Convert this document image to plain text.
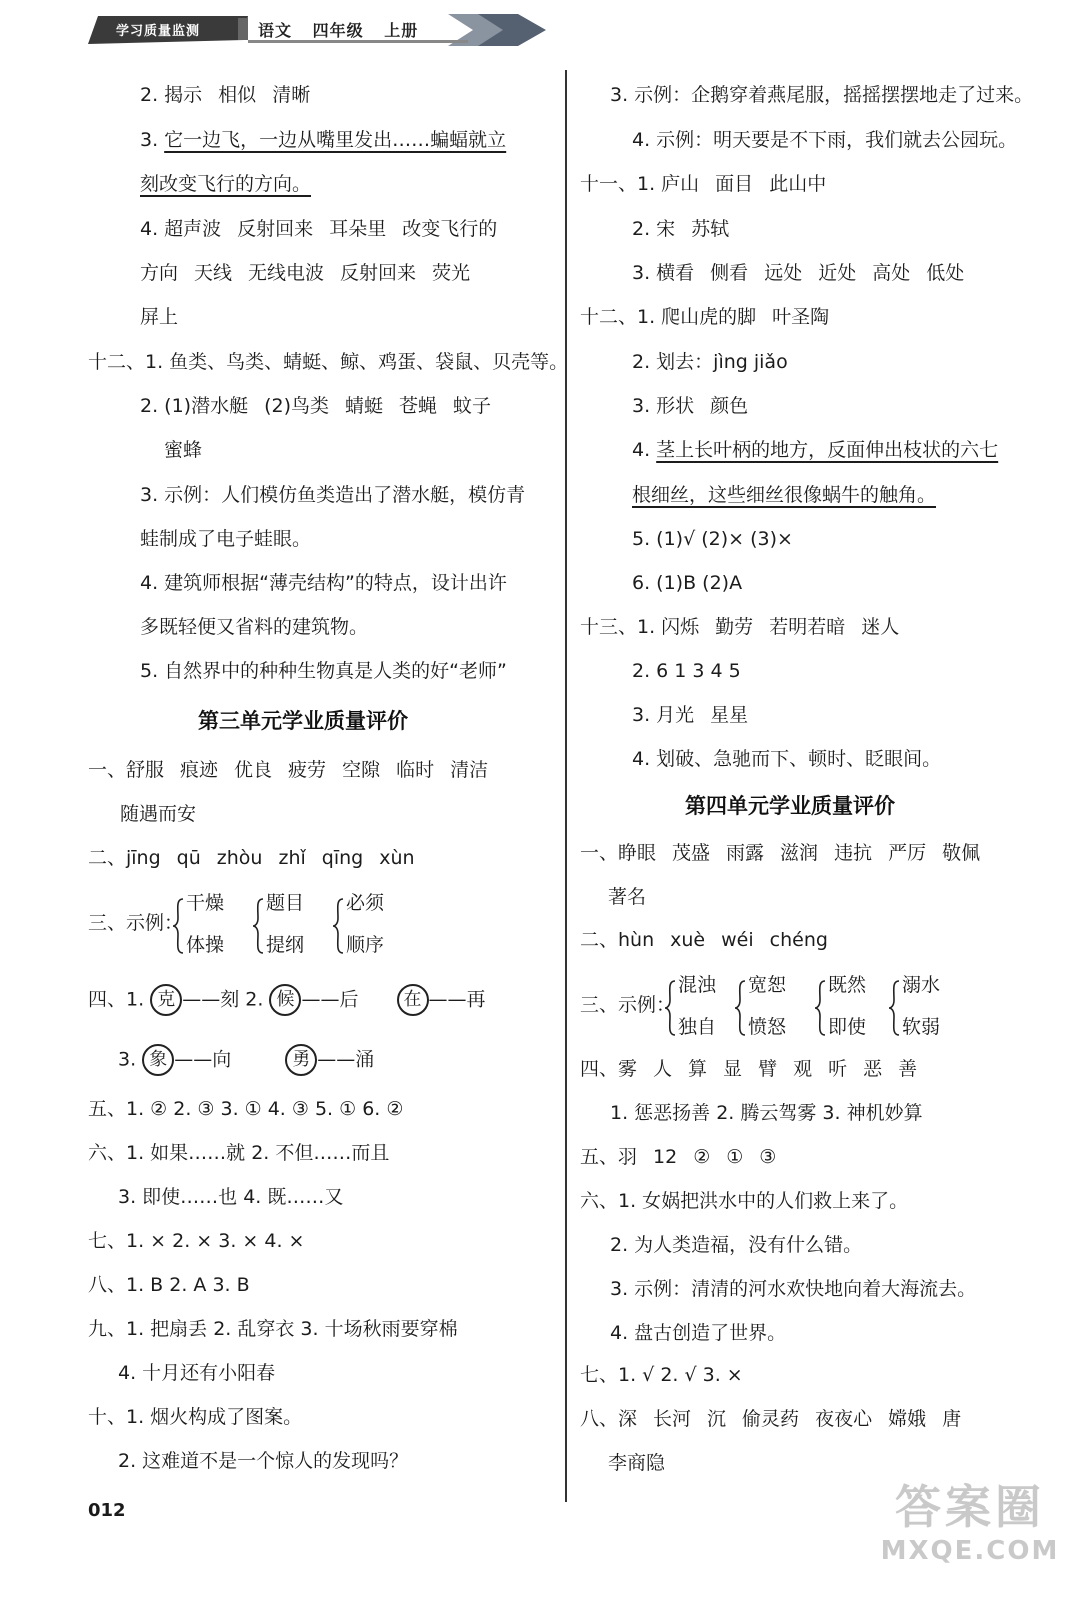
学习质量监测	语文 四年级 上册
2. 揭示 相似 清晰
3. 它一边飞，一边从嘴里发出……蝙蝠就立
刻改变飞行的方向。
4. 超声波 反射回来 耳朵里 改变飞行的
方向 天线 无线电波 反射回来 荧光
屏上
十二、1. 鱼类、鸟类、蜻蜓、鲸、鸡蛋、袋鼠、贝壳等。
2. (1)潜水艇 (2)鸟类 蜻蜓 苍蝇 蚊子
蜜蜂
3. 示例：人们模仿鱼类造出了潜水艇，模仿青
蛙制成了电子蛙眼。
4. 建筑师根据“薄壳结构”的特点，设计出许
多既轻便又省料的建筑物。
5. 自然界中的种种生物真是人类的好“老师”
第三单元学业质量评价
一、舒服 痕迹 优良 疲劳 空隙 临时 清洁
随遇而安
二、jīng qū zhòu zhǐ qīng xùn
三、示例：
干燥
体操
题目
提纲
必须
顺序
四、1. 克 ——刻 2. 候 ——后	在 ——再
3. 象 ——向	勇 ——涌
五、1. ② 2. ③ 3. ① 4. ③ 5. ① 6. ②
六、1. 如果……就 2. 不但……而且
3. 即使……也 4. 既……又
七、1. × 2. × 3. × 4. ×
八、1. B 2. A 3. B
九、1. 把扇丢 2. 乱穿衣 3. 十场秋雨要穿棉
4. 十月还有小阳春
十、1. 烟火构成了图案。
2. 这难道不是一个惊人的发现吗？
3. 示例：企鹅穿着燕尾服，摇摇摆摆地走了过来。
4. 示例：明天要是不下雨，我们就去公园玩。
十一、1. 庐山 面目 此山中
2. 宋 苏轼
3. 横看 侧看 远处 近处 高处 低处
十二、1. 爬山虎的脚 叶圣陶
2. 划去：jìng jiǎo
3. 形状 颜色
4. 茎上长叶柄的地方，反面伸出枝状的六七
根细丝，这些细丝很像蜗牛的触角。
5. (1)√ (2)× (3)×
6. (1)B (2)A
十三、1. 闪烁 勤劳 若明若暗 迷人
2. 6 1 3 4 5
3. 月光 星星
4. 划破、急驰而下、顿时、眨眼间。
第四单元学业质量评价
一、睁眼 茂盛 雨露 滋润 违抗 严厉 敬佩
著名
二、hùn xuè wéi chéng
三、示例：
混浊
独自
宽恕
愤怒
既然
即使
溺水
软弱
四、雾 人 算 显 臂 观 听 恶 善
1. 惩恶扬善 2. 腾云驾雾 3. 神机妙算
五、羽 12 ② ① ③
六、1. 女娲把洪水中的人们救上来了。
2. 为人类造福，没有什么错。
3. 示例：清清的河水欢快地向着大海流去。
4. 盘古创造了世界。
七、1. √ 2. √ 3. ×
八、深 长河 沉 偷灵药 夜夜心 嫦娥 唐
李商隐
012	答案圈
MXQE.COM
